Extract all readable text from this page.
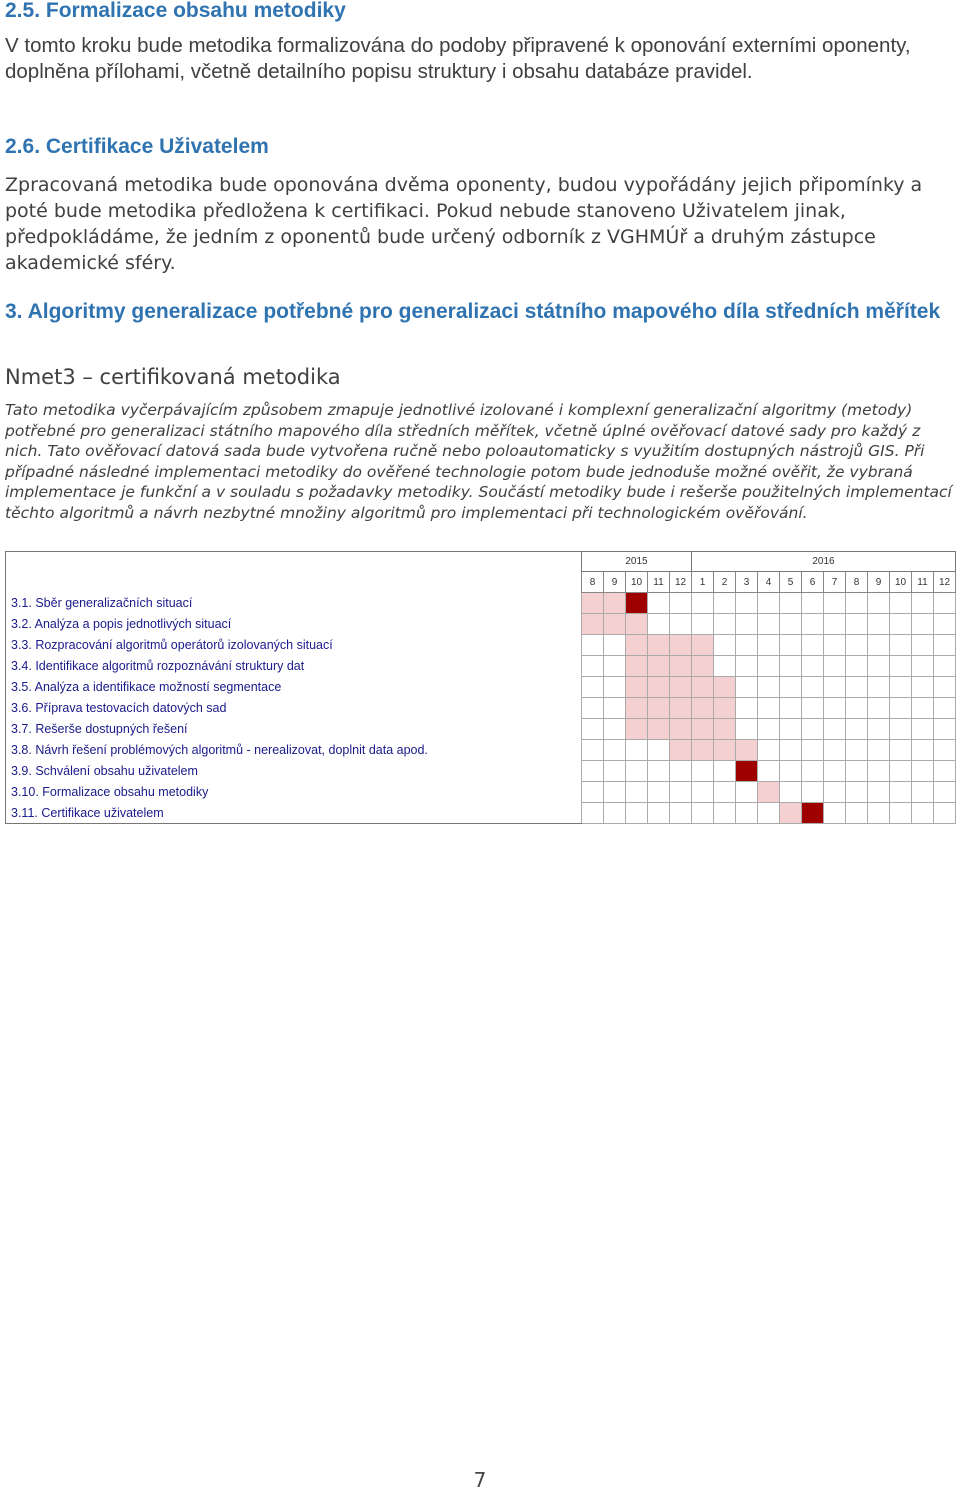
2.5. Formalizace obsahu metodiky

V tomto kroku bude metodika formalizována do podoby připravené k oponování externími oponenty, doplněna přílohami, včetně detailního popisu struktury i obsahu databáze pravidel.

2.6. Certifikace Uživatelem

Zpracovaná metodika bude oponována dvěma oponenty, budou vypořádány jejich připomínky a poté bude metodika předložena k certifikaci. Pokud nebude stanoveno Uživatelem jinak, předpokládáme, že jedním z oponentů bude určený odborník z VGHMÚř a druhým zástupce akademické sféry.

3. Algoritmy generalizace potřebné pro generalizaci státního mapového díla středních měřítek

Nmet3 – certifikovaná metodika

Tato metodika vyčerpávajícím způsobem zmapuje jednotlivé izolované i komplexní generalizační algoritmy (metody) potřebné pro generalizaci státního mapového díla středních měřítek, včetně úplné ověřovací datové sady pro každý z nich. Tato ověřovací datová sada bude vytvořena ručně nebo poloautomaticky s využitím dostupných nástrojů GIS. Při případné následné implementaci metodiky do ověřené technologie potom bude jednoduše možné ověřit, že vybraná implementace je funkční a v souladu s požadavky metodiky. Součástí metodiky bude i rešerše použitelných implementací těchto algoritmů a návrh nezbytné množiny algoritmů pro implementaci při technologickém ověřování.

	2015					2016											
	8	9	10	11	12	1	2	3	4	5	6	7	8	9	10	11	12
3.1. Sběr generalizačních situací																	
3.2. Analýza a popis jednotlivých situací																	
3.3. Rozpracování algoritmů operátorů izolovaných situací																	
3.4. Identifikace algoritmů rozpoznávání struktury dat																	
3.5. Analýza a identifikace možností segmentace																	
3.6. Příprava testovacích datových sad																	
3.7. Rešerše dostupných řešení																	
3.8. Návrh řešení problémových algoritmů - nerealizovat, doplnit data apod.																	
3.9. Schválení obsahu uživatelem																	
3.10. Formalizace obsahu metodiky																	
3.11. Certifikace uživatelem																	

7
